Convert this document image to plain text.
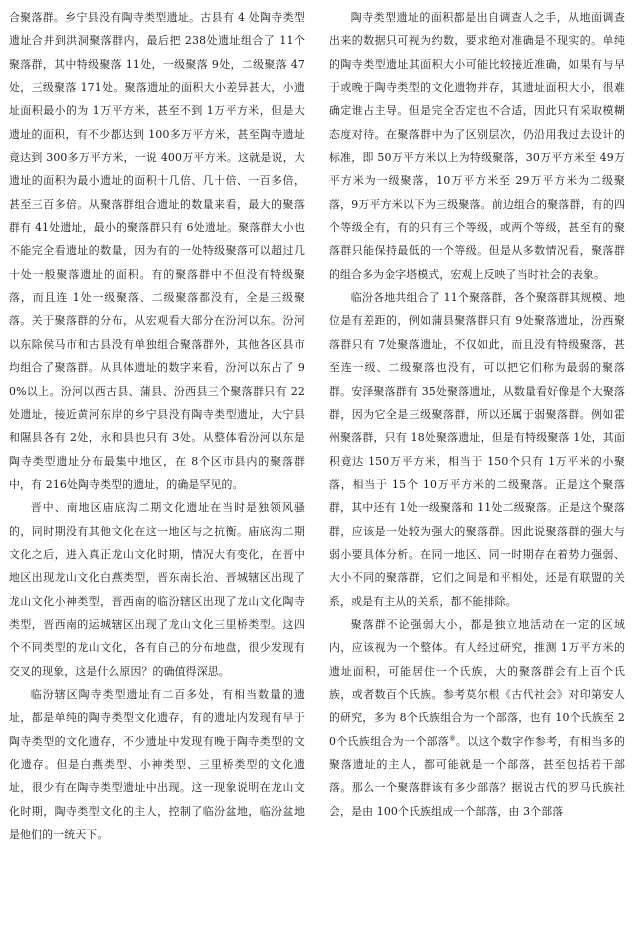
合聚落群。乡宁县没有陶寺类型遗址。古县有 4 处陶寺类型遗址合并到洪洞聚落群内，最后把 238处遗址组合了 11个聚落群，其中特级聚落 11处，一级聚落 9处，二级聚落 47处，三级聚落 171处。聚落遗址的面积大小差异甚大，小遗址面积最小的为 1万平方米，甚至不到 1万平方米，但是大遗址的面积，有不少都达到 100多万平方米，甚至陶寺遗址竟达到 300多万平方米，一说 400万平方米。这就是说，大遗址的面积为最小遗址的面积十几倍、几十倍、一百多倍，甚至三百多倍。从聚落群组合遗址的数量来看，最大的聚落群有 41处遗址，最小的聚落群只有 6处遗址。聚落群大小也不能完全看遗址的数量，因为有的一处特级聚落可以超过几十处一般聚落遗址的面积。有的聚落群中不但没有特级聚落，而且连 1处一级聚落、二级聚落都没有，全是三级聚落。关于聚落群的分布，从宏观看大部分在汾河以东。汾河以东除侯马市和古县没有单独组合聚落群外，其他各区县市均组合了聚落群。从具体遗址的数字来看，汾河以东占了 90%以上。汾河以西古县、蒲县、汾西县三个聚落群只有 22处遗址，接近黄河东岸的乡宁县没有陶寺类型遗址，大宁县和隰县各有 2处，永和县也只有 3处。从整体看汾河以东是陶寺类型遗址分布最集中地区，在 8个区市县内的聚落群中，有 216处陶寺类型的遗址，的确是罕见的。

晋中、南地区庙底沟二期文化遗址在当时是独领风骚的，同时期没有其他文化在这一地区与之抗衡。庙底沟二期文化之后，进入真正龙山文化时期，情况大有变化，在晋中地区出现龙山文化白燕类型，晋东南长治、晋城辖区出现了龙山文化小神类型，晋西南的临汾辖区出现了龙山文化陶寺类型，晋西南的运城辖区出现了龙山文化三里桥类型。这四个不同类型的龙山文化，各有自己的分布地盘，很少发现有交叉的现象，这是什么原因？的确值得深思。

临汾辖区陶寺类型遗址有二百多处，有相当数量的遗址，都是单纯的陶寺类型文化遗存，有的遗址内发现有早于陶寺类型的文化遗存，不少遗址中发现有晚于陶寺类型的文化遗存。但是白燕类型、小神类型、三里桥类型的文化遗址，很少有在陶寺类型遗址中出现。这一现象说明在龙山文化时期，陶寺类型文化的主人，控制了临汾盆地，临汾盆地是他们的一统天下。

陶寺类型遗址的面积都是出自调查人之手，从地面调查出来的数据只可视为约数，要求绝对准确是不现实的。单纯的陶寺类型遗址其面积大小可能比较接近准确，如果有与早于或晚于陶寺类型的文化遗物并存，其遗址面积大小，很难确定谁占主导。但是完全否定也不合适，因此只有采取模糊态度对待。在聚落群中为了区别层次，仍沿用我过去设计的标准，即 50万平方米以上为特级聚落，30万平方米至 49万平方米为一级聚落，10万平方米至 29万平方米为二级聚落，9万平方米以下为三级聚落。前边组合的聚落群，有的四个等级全有，有的只有三个等级，或两个等级，甚至有的聚落群只能保持最低的一个等级。但是从多数情况看，聚落群的组合多为金字塔模式，宏观上反映了当时社会的表象。

临汾各地共组合了 11个聚落群，各个聚落群其规模、地位是有差距的，例如蒲县聚落群只有 9处聚落遗址，汾西聚落群只有 7处聚落遗址，不仅如此，而且没有特级聚落，甚至连一级、二级聚落也没有，可以把它们称为最弱的聚落群。安泽聚落群有 35处聚落遗址，从数量看好像是个大聚落群，因为它全是三级聚落群，所以还属于弱聚落群。例如霍州聚落群，只有 18处聚落遗址，但是有特级聚落 1处，其面积竟达 150万平方米，相当于 150个只有 1万平米的小聚落，相当于 15个 10万平方米的二级聚落。正是这个聚落群，其中还有 1处一级聚落和 11处二级聚落。正是这个聚落群，应该是一处较为强大的聚落群。因此说聚落群的强大与弱小要具体分析。在同一地区、同一时期存在着势力强弱、大小不同的聚落群，它们之间是和平相处，还是有联盟的关系，或是有主从的关系，都不能排除。

聚落群不论强弱大小，都是独立地活动在一定的区域内，应该视为一个整体。有人经过研究，推测 1万平方米的遗址面积，可能居住一个氏族，大的聚落群会有上百个氏族，或者数百个氏族。参考莫尔根《古代社会》对印第安人的研究，多为 8个氏族组合为一个部落，也有 10个氏族至 20个氏族组合为一个部落⑧。以这个数字作参考，有相当多的聚落遗址的主人，都可能就是一个部落，甚至包括若干部落。那么一个聚落群该有多少部落？据说古代的罗马氏族社会，是由 100个氏族组成一个部落，由 3个部落
